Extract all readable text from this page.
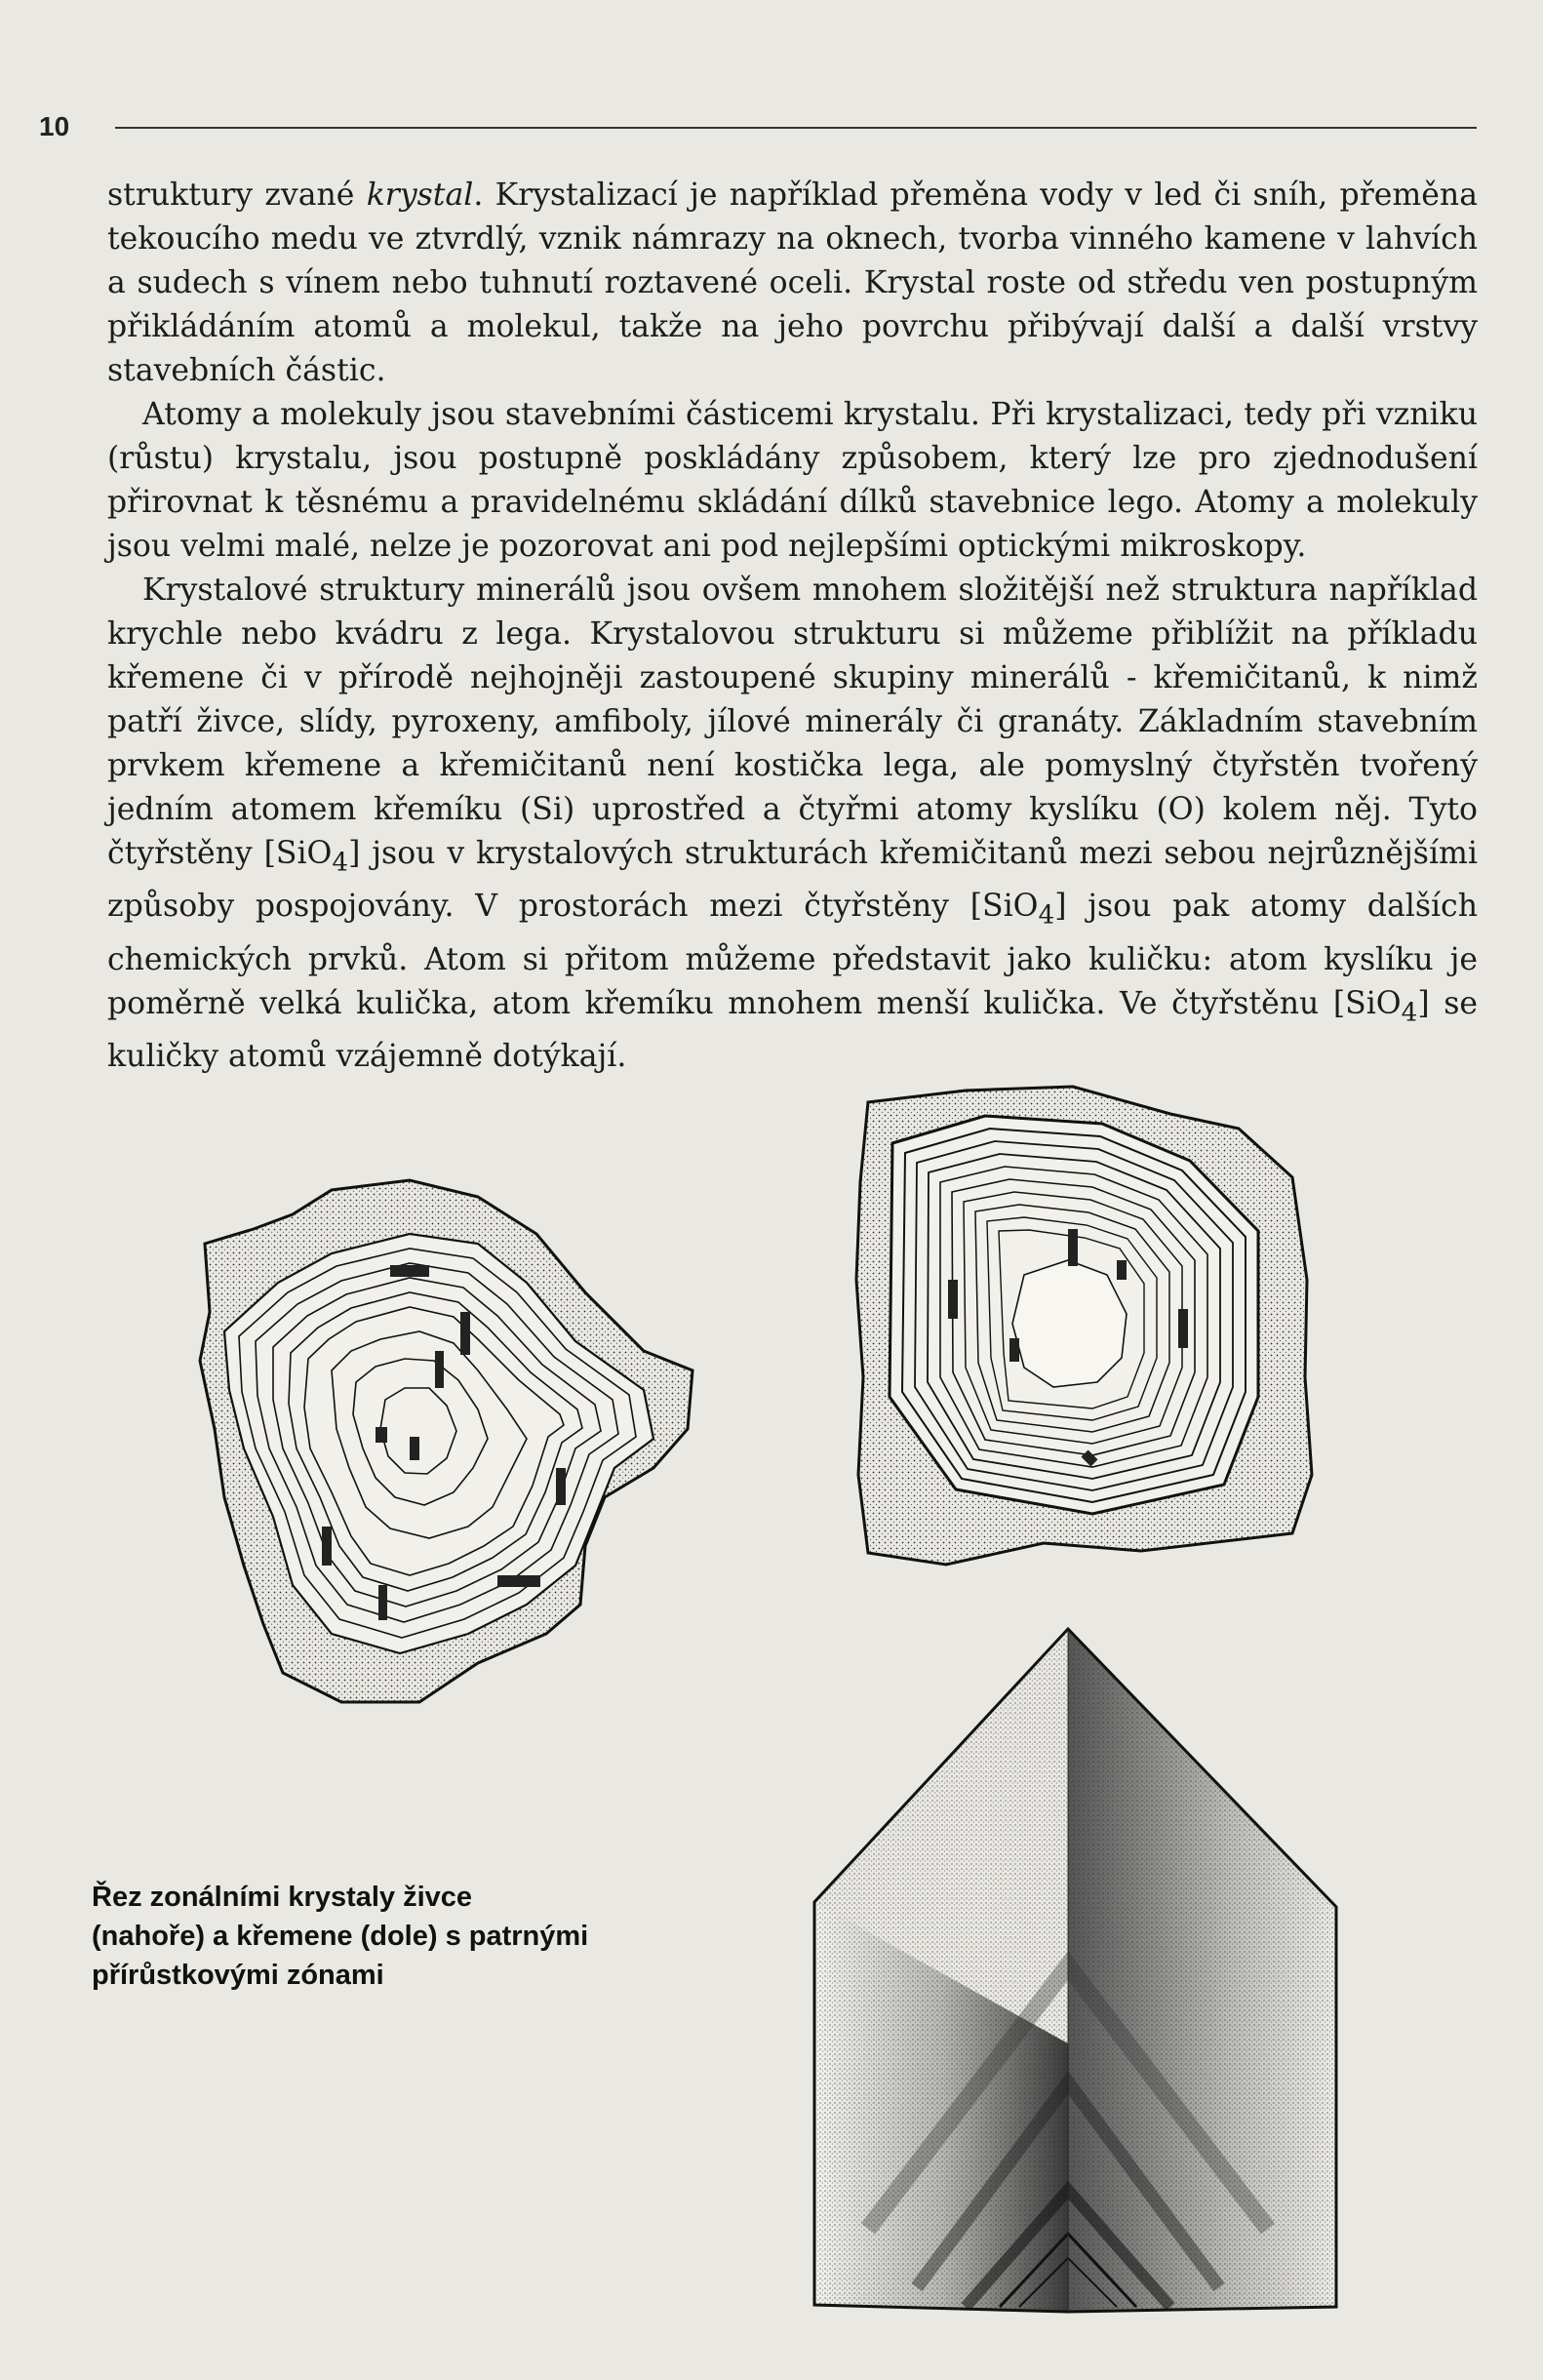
10

struktury zvané krystal. Krystalizací je například přeměna vody v led či sníh, přeměna tekoucího medu ve ztvrdlý, vznik námrazy na oknech, tvorba vinného kamene v lahvích a sudech s vínem nebo tuhnutí roztavené oceli. Krystal roste od středu ven postupným přikládáním atomů a molekul, takže na jeho povrchu přibývají další a další vrstvy stavebních částic.

Atomy a molekuly jsou stavebními částicemi krystalu. Při krystalizaci, tedy při vzniku (růstu) krystalu, jsou postupně poskládány způsobem, který lze pro zjednodušení přirovnat k těsnému a pravidelnému skládání dílků stavebnice lego. Atomy a molekuly jsou velmi malé, nelze je pozorovat ani pod nejlepšími optickými mikroskopy.

Krystalové struktury minerálů jsou ovšem mnohem složitější než struktura například krychle nebo kvádru z lega. Krystalovou strukturu si můžeme přiblížit na příkladu křemene či v přírodě nejhojněji zastoupené skupiny minerálů - křemičitanů, k nimž patří živce, slídy, pyroxeny, amfiboly, jílové minerály či granáty. Základním stavebním prvkem křemene a křemičitanů není kostička lega, ale pomyslný čtyřstěn tvořený jedním atomem křemíku (Si) uprostřed a čtyřmi atomy kyslíku (O) kolem něj. Tyto čtyřstěny [SiO$_4$] jsou v krystalových strukturách křemičitanů mezi sebou nejrůznějšími způsoby pospojovány. V prostorách mezi čtyřstěny [SiO$_4$] jsou pak atomy dalších chemických prvků. Atom si přitom můžeme představit jako kuličku: atom kyslíku je poměrně velká kulička, atom křemíku mnohem menší kulička. Ve čtyřstěnu [SiO$_4$] se kuličky atomů vzájemně dotýkají.

Řez zonálními krystaly živce
(nahoře) a křemene (dole) s patrnými
přírůstkovými zónami
